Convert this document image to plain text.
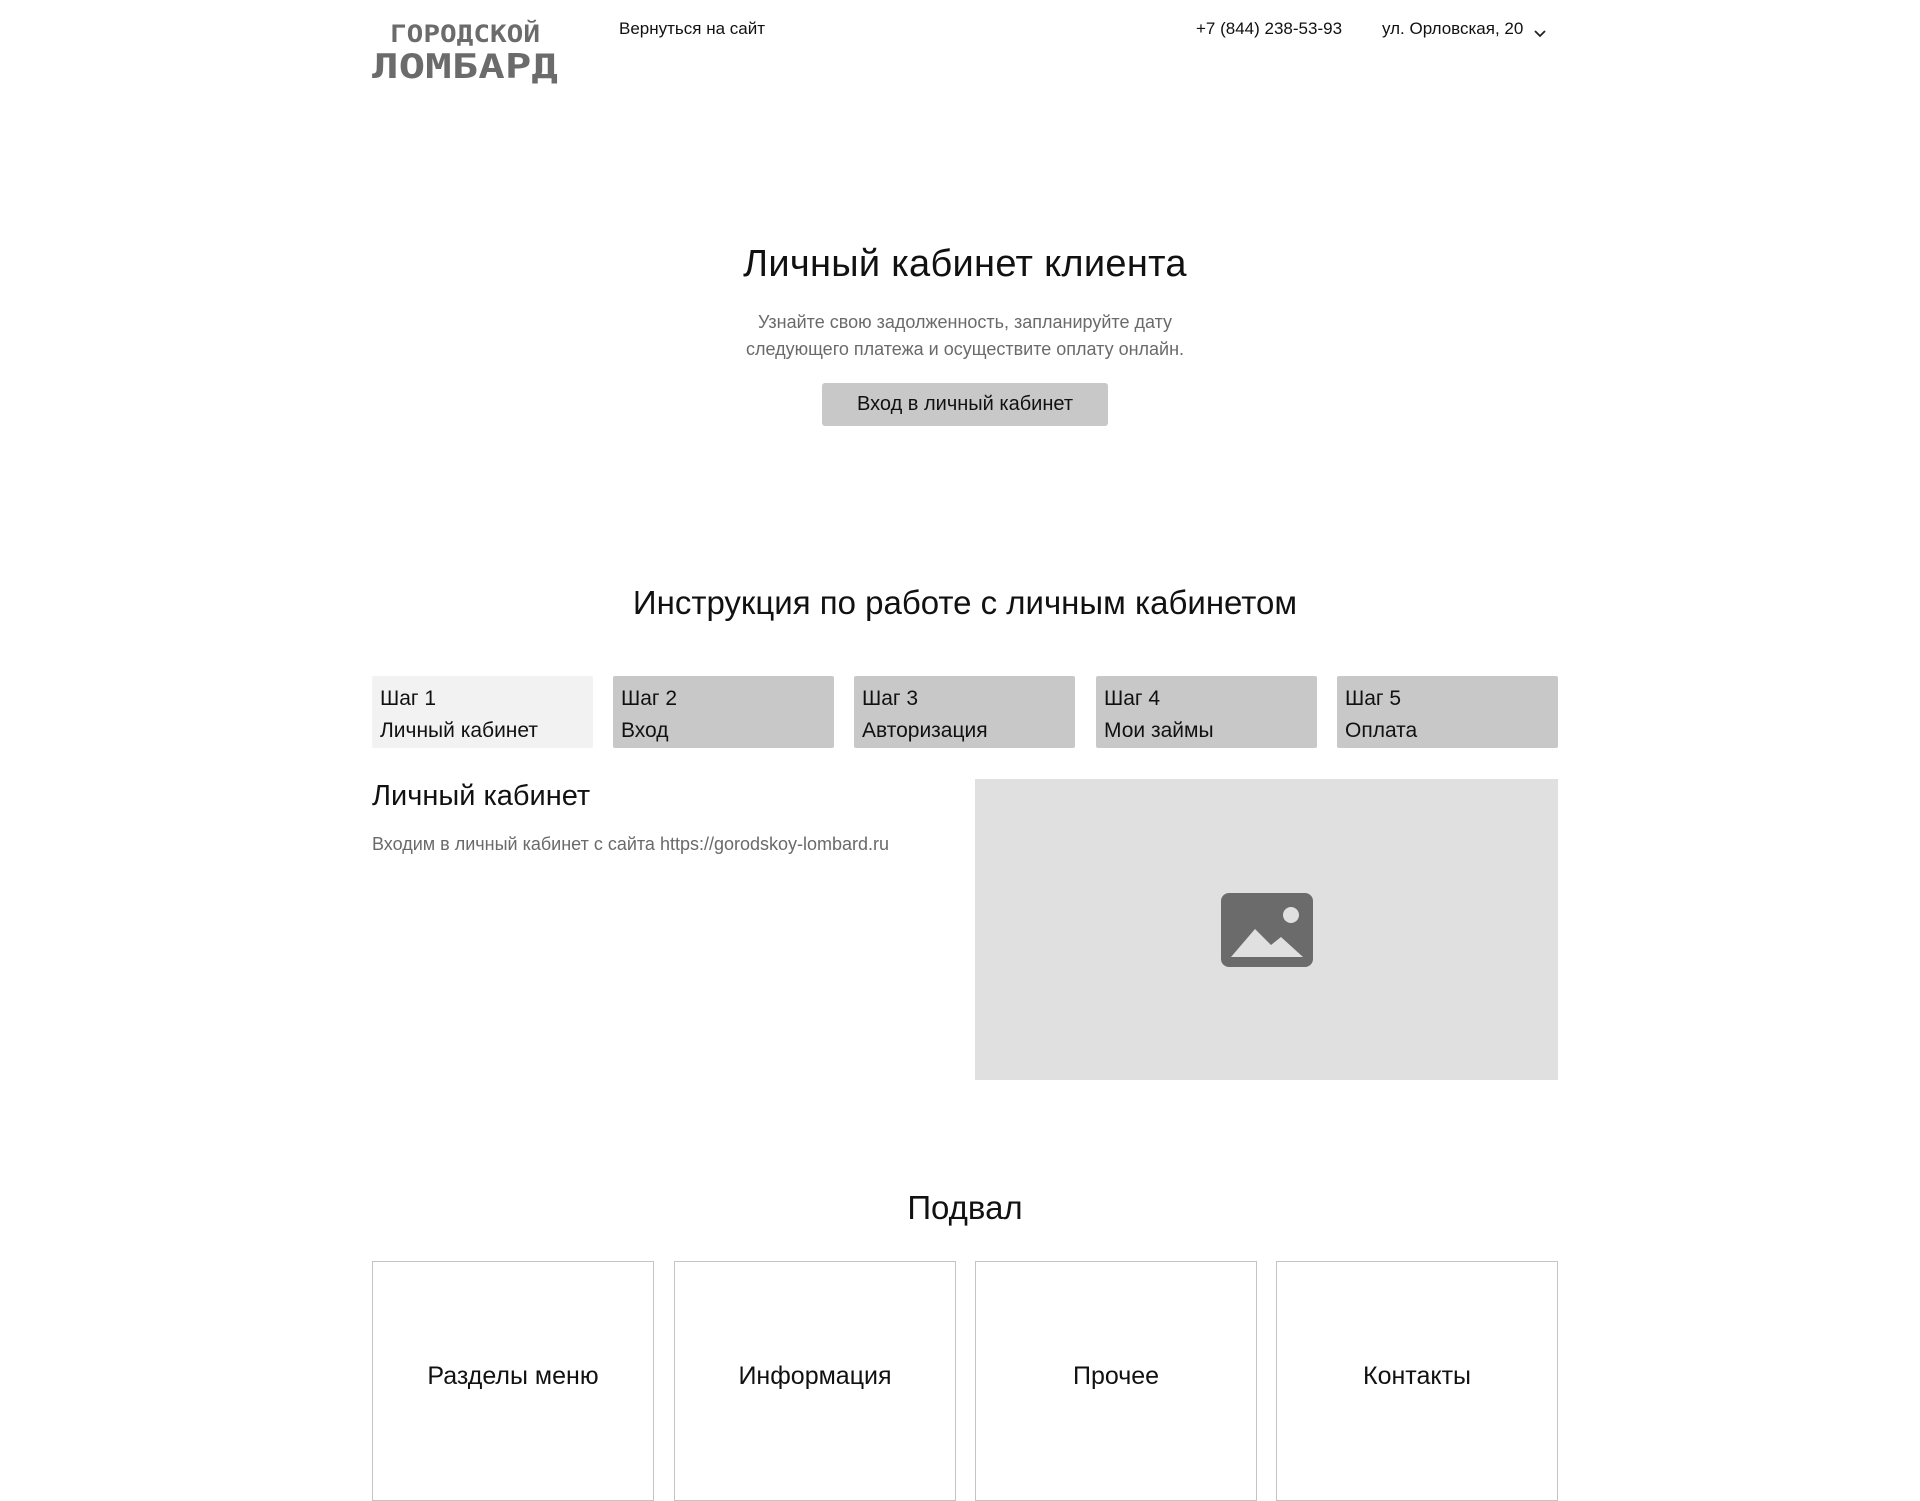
ГОРОДСКОЙ
ЛОМБАРД
Вернуться на сайт	+7 (844) 238-53-93 ул. Орловская, 20
Личный кабинет клиента
Узнайте свою задолженность, запланируйте дату
следующего платежа и осуществите оплату онлайн.
Вход в личный кабинет
Инструкция по работе с личным кабинетом
Шаг 1
Личный кабинет
Шаг 2
Вход
Шаг 3
Авторизация
Шаг 4
Мои займы
Шаг 5
Оплата
Личный кабинет
Входим в личный кабинет с сайта https://gorodskoy-lombard.ru
Подвал
Разделы меню	Информация	Прочее	Контакты
